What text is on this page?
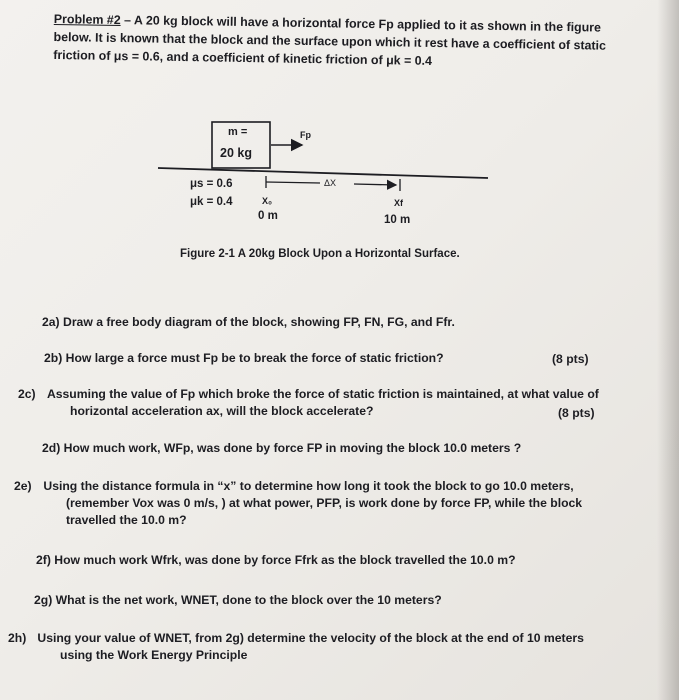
Problem #2 – A 20 kg block will have a horizontal force Fp applied to it as shown in the figure
below. It is known that the block and the surface upon which it rest have a coefficient of static
friction of μs = 0.6, and a coefficient of kinetic friction of μk = 0.4
m =
20 kg
Fp
μs = 0.6
μk = 0.4
ΔX
X₀
0 m
Xf
10 m
Figure 2-1 A 20kg Block Upon a Horizontal Surface.
2a) Draw a free body diagram of the block, showing FP, FN, FG, and Ffr.
2b) How large a force must Fp be to break the force of static friction?	(8 pts)
2c) Assuming the value of Fp which broke the force of static friction is maintained, at what value of horizontal acceleration ax, will the block accelerate?	(8 pts)
2d) How much work, WFp, was done by force FP in moving the block 10.0 meters ?
2e) Using the distance formula in “x” to determine how long it took the block to go 10.0 meters, (remember Vox was 0 m/s, ) at what power, PFP, is work done by force FP, while the block travelled the 10.0 m?
2f) How much work Wfrk, was done by force Ffrk as the block travelled the 10.0 m?
2g) What is the net work, WNET, done to the block over the 10 meters?
2h) Using your value of WNET, from 2g) determine the velocity of the block at the end of 10 meters using the Work Energy Principle
